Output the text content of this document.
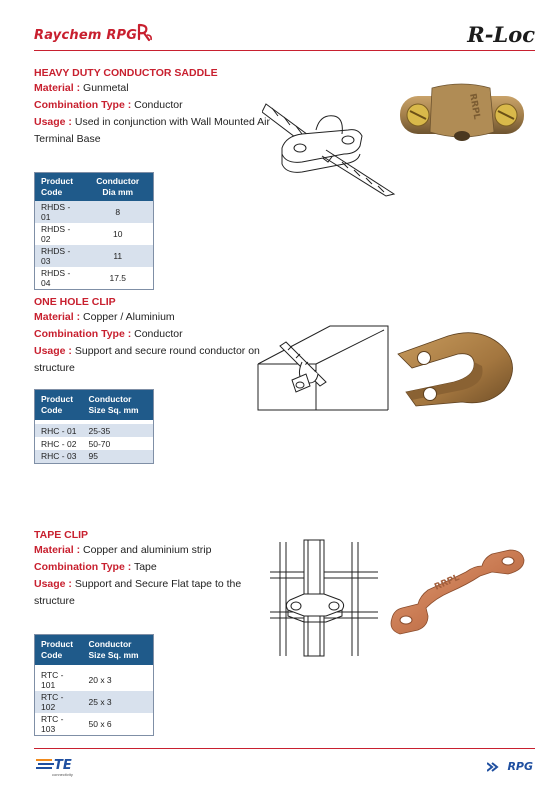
Raychem RPG	R-Loc
HEAVY DUTY CONDUCTOR SADDLE
Material : Gunmetal
Combination Type : Conductor
Usage : Used in conjunction with Wall Mounted Air Terminal Base
Product Code	Conductor Dia mm
RHDS - 01	8
RHDS - 02	10
RHDS - 03	11
RHDS - 04	17.5
RRPL
ONE HOLE CLIP
Material : Copper / Aluminium
Combination Type : Conductor
Usage : Support and secure round conductor on structure
Product Code	Conductor Size Sq. mm

RHC - 01	25-35
RHC - 02	50-70
RHC - 03	95
TAPE CLIP
Material : Copper and aluminium strip
Combination Type : Tape
Usage : Support and Secure Flat tape to the structure
Product Code	Conductor Size Sq. mm

RTC - 101	20 x 3
RTC - 102	25 x 3
RTC - 103	50 x 6
RRPL
TE
connectivity
RPG
